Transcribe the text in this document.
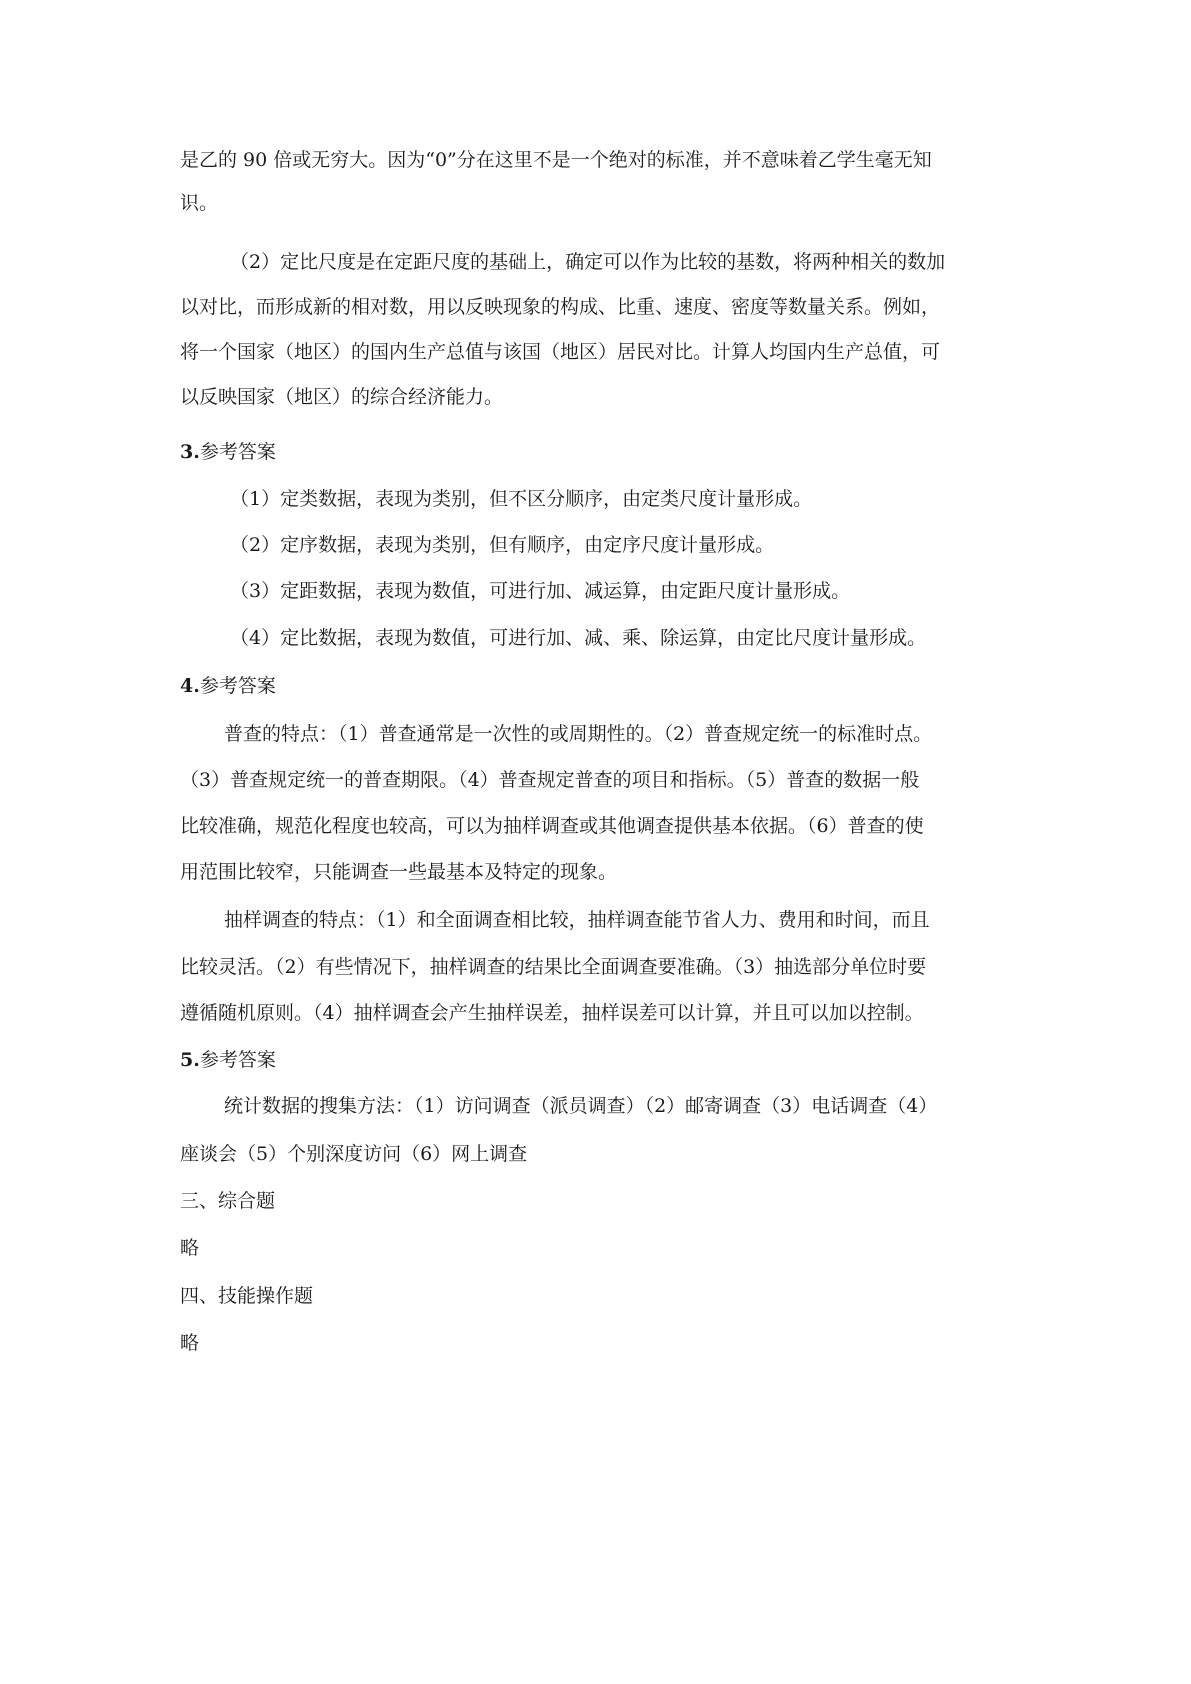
是乙的 90 倍或无穷大。因为“0”分在这里不是一个绝对的标准，并不意味着乙学生毫无知
识。
（2）定比尺度是在定距尺度的基础上，确定可以作为比较的基数，将两种相关的数加
以对比，而形成新的相对数，用以反映现象的构成、比重、速度、密度等数量关系。例如，
将一个国家（地区）的国内生产总值与该国（地区）居民对比。计算人均国内生产总值，可
以反映国家（地区）的综合经济能力。
3.参考答案
（1）定类数据，表现为类别，但不区分顺序，由定类尺度计量形成。
（2）定序数据，表现为类别，但有顺序，由定序尺度计量形成。
（3）定距数据，表现为数值，可进行加、减运算，由定距尺度计量形成。
（4）定比数据，表现为数值，可进行加、减、乘、除运算，由定比尺度计量形成。
4.参考答案
普查的特点：（1）普查通常是一次性的或周期性的。（2）普查规定统一的标准时点。
（3）普查规定统一的普查期限。（4）普查规定普查的项目和指标。（5）普查的数据一般
比较准确，规范化程度也较高，可以为抽样调查或其他调查提供基本依据。（6）普查的使
用范围比较窄，只能调查一些最基本及特定的现象。
抽样调查的特点：（1）和全面调查相比较，抽样调查能节省人力、费用和时间，而且
比较灵活。（2）有些情况下，抽样调查的结果比全面调查要准确。（3）抽选部分单位时要
遵循随机原则。（4）抽样调查会产生抽样误差，抽样误差可以计算，并且可以加以控制。
5.参考答案
统计数据的搜集方法：（1）访问调查（派员调查）（2）邮寄调查（3）电话调查（4）
座谈会（5）个别深度访问（6）网上调查
三、综合题
略
四、技能操作题
略
